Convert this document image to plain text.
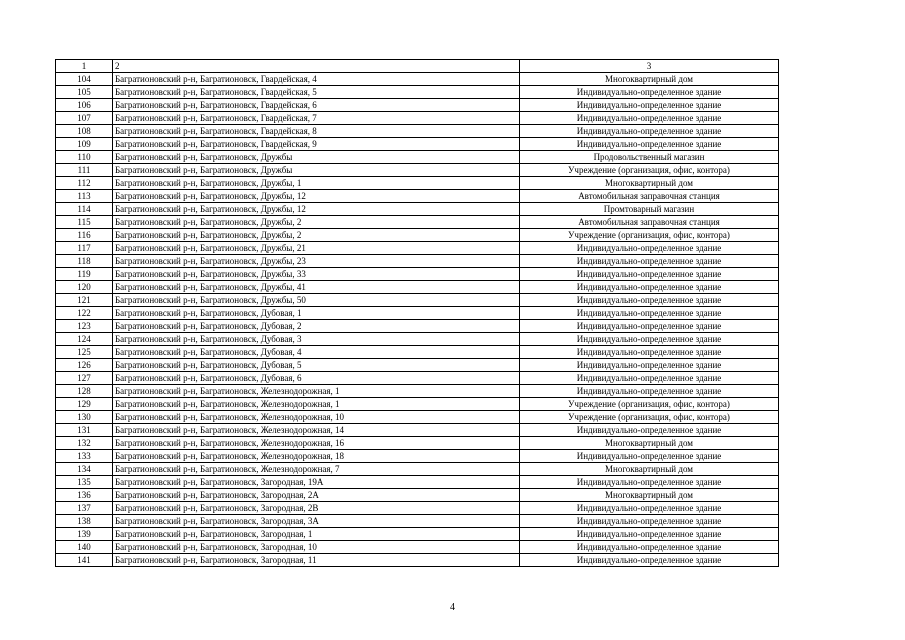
1	2	3
104	Багратионовский р-н, Багратионовск, Гвардейская, 4	Многоквартирный дом
105	Багратионовский р-н, Багратионовск, Гвардейская, 5	Индивидуально-определенное здание
106	Багратионовский р-н, Багратионовск, Гвардейская, 6	Индивидуально-определенное здание
107	Багратионовский р-н, Багратионовск, Гвардейская, 7	Индивидуально-определенное здание
108	Багратионовский р-н, Багратионовск, Гвардейская, 8	Индивидуально-определенное здание
109	Багратионовский р-н, Багратионовск, Гвардейская, 9	Индивидуально-определенное здание
110	Багратионовский р-н, Багратионовск, Дружбы	Продовольственный магазин
111	Багратионовский р-н, Багратионовск, Дружбы	Учреждение (организация, офис, контора)
112	Багратионовский р-н, Багратионовск, Дружбы, 1	Многоквартирный дом
113	Багратионовский р-н, Багратионовск, Дружбы, 12	Автомобильная заправочная станция
114	Багратионовский р-н, Багратионовск, Дружбы, 12	Промтоварный магазин
115	Багратионовский р-н, Багратионовск, Дружбы, 2	Автомобильная заправочная станция
116	Багратионовский р-н, Багратионовск, Дружбы, 2	Учреждение (организация, офис, контора)
117	Багратионовский р-н, Багратионовск, Дружбы, 21	Индивидуально-определенное здание
118	Багратионовский р-н, Багратионовск, Дружбы, 23	Индивидуально-определенное здание
119	Багратионовский р-н, Багратионовск, Дружбы, 33	Индивидуально-определенное здание
120	Багратионовский р-н, Багратионовск, Дружбы, 41	Индивидуально-определенное здание
121	Багратионовский р-н, Багратионовск, Дружбы, 50	Индивидуально-определенное здание
122	Багратионовский р-н, Багратионовск, Дубовая, 1	Индивидуально-определенное здание
123	Багратионовский р-н, Багратионовск, Дубовая, 2	Индивидуально-определенное здание
124	Багратионовский р-н, Багратионовск, Дубовая, 3	Индивидуально-определенное здание
125	Багратионовский р-н, Багратионовск, Дубовая, 4	Индивидуально-определенное здание
126	Багратионовский р-н, Багратионовск, Дубовая, 5	Индивидуально-определенное здание
127	Багратионовский р-н, Багратионовск, Дубовая, 6	Индивидуально-определенное здание
128	Багратионовский р-н, Багратионовск, Железнодорожная, 1	Индивидуально-определенное здание
129	Багратионовский р-н, Багратионовск, Железнодорожная, 1	Учреждение (организация, офис, контора)
130	Багратионовский р-н, Багратионовск, Железнодорожная, 10	Учреждение (организация, офис, контора)
131	Багратионовский р-н, Багратионовск, Железнодорожная, 14	Индивидуально-определенное здание
132	Багратионовский р-н, Багратионовск, Железнодорожная, 16	Многоквартирный дом
133	Багратионовский р-н, Багратионовск, Железнодорожная, 18	Индивидуально-определенное здание
134	Багратионовский р-н, Багратионовск, Железнодорожная, 7	Многоквартирный дом
135	Багратионовский р-н, Багратионовск, Загородная, 19А	Индивидуально-определенное здание
136	Багратионовский р-н, Багратионовск, Загородная, 2А	Многоквартирный дом
137	Багратионовский р-н, Багратионовск, Загородная, 2В	Индивидуально-определенное здание
138	Багратионовский р-н, Багратионовск, Загородная, 3А	Индивидуально-определенное здание
139	Багратионовский р-н, Багратионовск, Загородная, 1	Индивидуально-определенное здание
140	Багратионовский р-н, Багратионовск, Загородная, 10	Индивидуально-определенное здание
141	Багратионовский р-н, Багратионовск, Загородная, 11	Индивидуально-определенное здание
4
